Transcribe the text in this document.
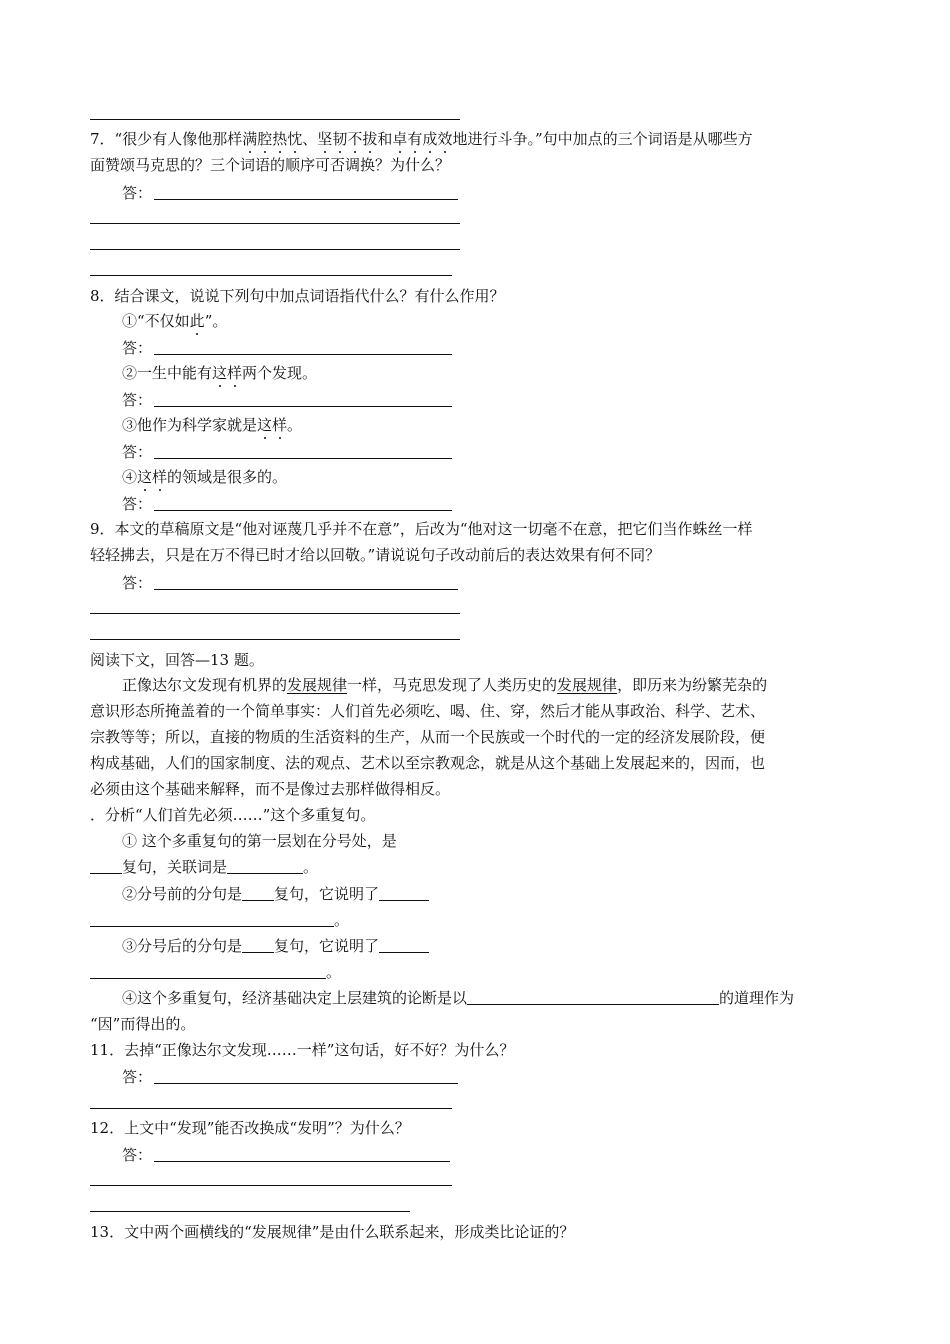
7．“很少有人像他那样满腔热忱、坚韧不拔和卓有成效地进行斗争。”句中加点的三个词语是从哪些方
面赞颂马克思的？三个词语的顺序可否调换？为什么？
答：
8．结合课文，说说下列句中加点词语指代什么？有什么作用？
①“不仅如此”。
答：
②一生中能有这样两个发现。
答：
③他作为科学家就是这样。
答：
④这样的领域是很多的。
答：
9．本文的草稿原文是“他对诬蔑几乎并不在意”，后改为“他对这一切毫不在意，把它们当作蛛丝一样
轻轻拂去，只是在万不得已时才给以回敬。”请说说句子改动前后的表达效果有何不同？
答：
阅读下文，回答—13 题。
正像达尔文发现有机界的发展规律一样，马克思发现了人类历史的发展规律，即历来为纷繁芜杂的
意识形态所掩盖着的一个简单事实：人们首先必须吃、喝、住、穿，然后才能从事政治、科学、艺术、
宗教等等；所以，直接的物质的生活资料的生产，从而一个民族或一个时代的一定的经济发展阶段，便
构成基础，人们的国家制度、法的观点、艺术以至宗教观念，就是从这个基础上发展起来的，因而，也
必须由这个基础来解释，而不是像过去那样做得相反。
．分析“人们首先必须……”这个多重复句。
① 这个多重复句的第一层划在分号处，是
复句，关联词是	。
②分号前的分句是 复句，它说明了
。
③分号后的分句是 复句，它说明了
。
④这个多重复句，经济基础决定上层建筑的论断是以	的道理作为
“因”而得出的。
11．去掉“正像达尔文发现……一样”这句话，好不好？为什么？
答：
12．上文中“发现”能否改换成“发明”？为什么？
答：
13．文中两个画横线的“发展规律”是由什么联系起来，形成类比论证的？
